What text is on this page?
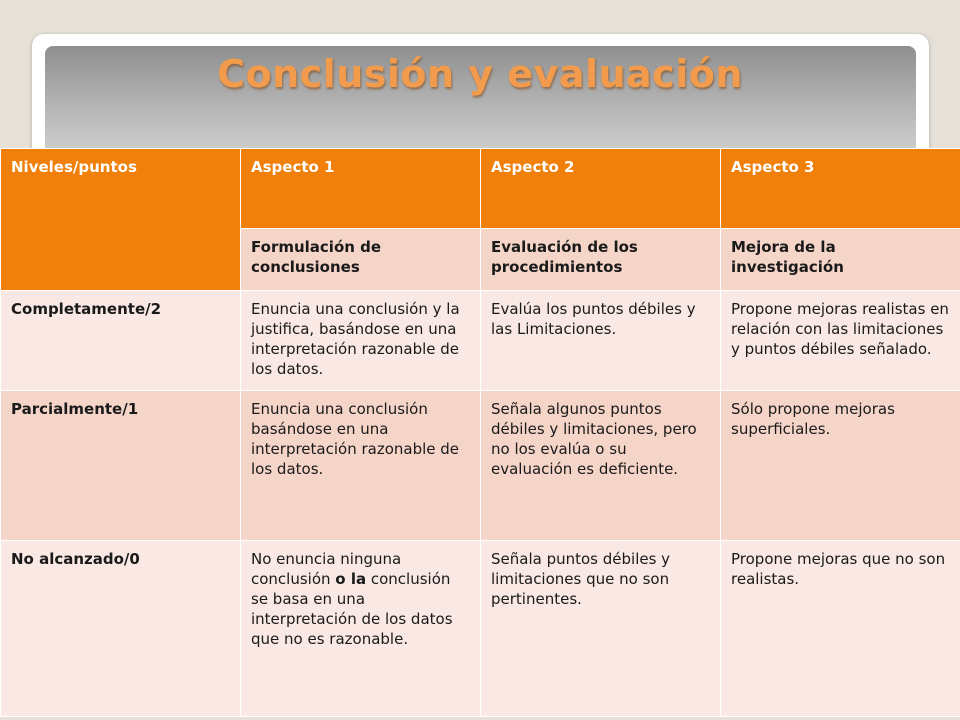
Conclusión y evaluación
Niveles/puntos	Aspecto 1	Aspecto 2	Aspecto 3
	Formulación de conclusiones	Evaluación de los procedimientos	Mejora de la investigación
Completamente/2	Enuncia una conclusión y la justifica, basándose en una interpretación razonable de los datos.	Evalúa los puntos débiles y las Limitaciones.	Propone mejoras realistas en relación con las limitaciones y puntos débiles señalado.
Parcialmente/1	Enuncia una conclusión basándose en una interpretación razonable de los datos.	Señala algunos puntos débiles y limitaciones, pero no los evalúa o su evaluación es deficiente.	Sólo propone mejoras superficiales.
No alcanzado/0	No enuncia ninguna conclusión o la conclusión se basa en una interpretación de los datos que no es razonable.	Señala puntos débiles y limitaciones que no son pertinentes.	Propone mejoras que no son realistas.
